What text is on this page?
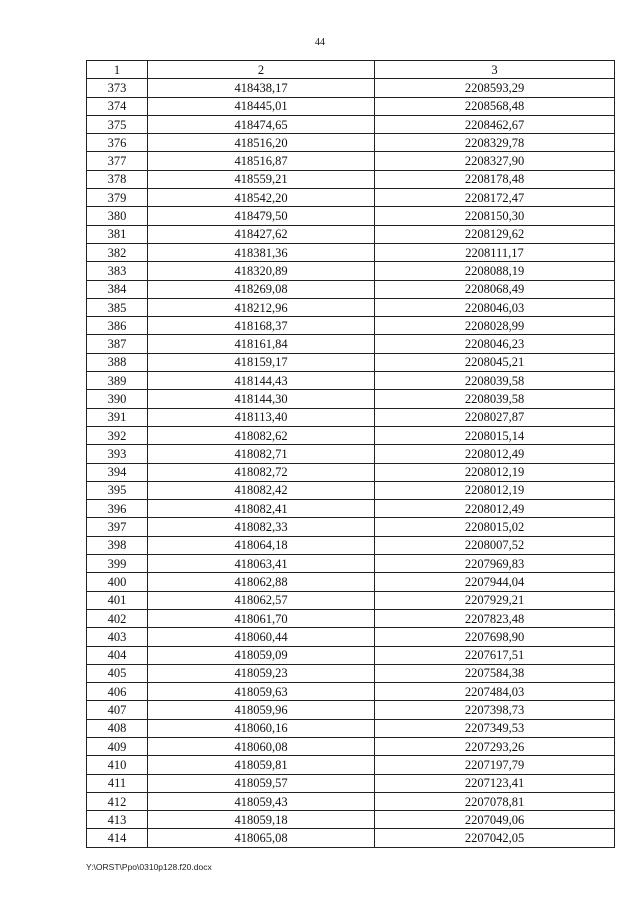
44
1	2	3
373	418438,17	2208593,29
374	418445,01	2208568,48
375	418474,65	2208462,67
376	418516,20	2208329,78
377	418516,87	2208327,90
378	418559,21	2208178,48
379	418542,20	2208172,47
380	418479,50	2208150,30
381	418427,62	2208129,62
382	418381,36	2208111,17
383	418320,89	2208088,19
384	418269,08	2208068,49
385	418212,96	2208046,03
386	418168,37	2208028,99
387	418161,84	2208046,23
388	418159,17	2208045,21
389	418144,43	2208039,58
390	418144,30	2208039,58
391	418113,40	2208027,87
392	418082,62	2208015,14
393	418082,71	2208012,49
394	418082,72	2208012,19
395	418082,42	2208012,19
396	418082,41	2208012,49
397	418082,33	2208015,02
398	418064,18	2208007,52
399	418063,41	2207969,83
400	418062,88	2207944,04
401	418062,57	2207929,21
402	418061,70	2207823,48
403	418060,44	2207698,90
404	418059,09	2207617,51
405	418059,23	2207584,38
406	418059,63	2207484,03
407	418059,96	2207398,73
408	418060,16	2207349,53
409	418060,08	2207293,26
410	418059,81	2207197,79
411	418059,57	2207123,41
412	418059,43	2207078,81
413	418059,18	2207049,06
414	418065,08	2207042,05
Y:\ORST\Ppo\0310p128.f20.docx
